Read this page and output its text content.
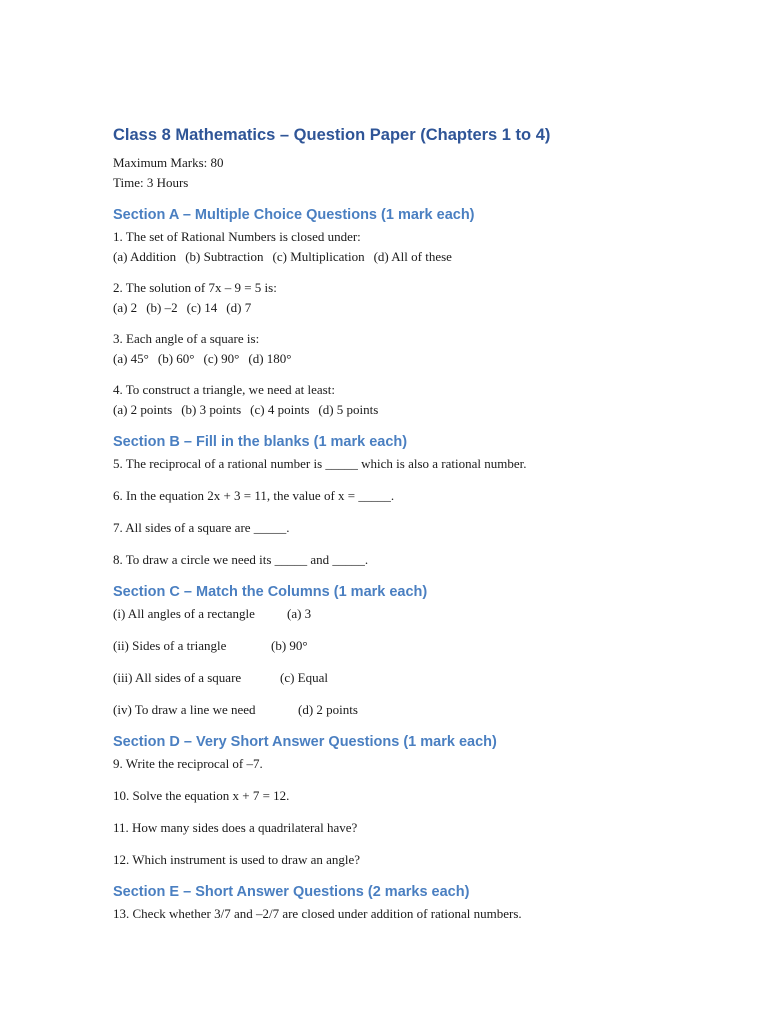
Class 8 Mathematics – Question Paper (Chapters 1 to 4)

Maximum Marks: 80

Time: 3 Hours

Section A – Multiple Choice Questions (1 mark each)

1. The set of Rational Numbers is closed under:

(a) Addition (b) Subtraction (c) Multiplication (d) All of these

2. The solution of 7x – 9 = 5 is:

(a) 2 (b) –2 (c) 14 (d) 7

3. Each angle of a square is:

(a) 45° (b) 60° (c) 90° (d) 180°

4. To construct a triangle, we need at least:

(a) 2 points (b) 3 points (c) 4 points (d) 5 points

Section B – Fill in the blanks (1 mark each)

5. The reciprocal of a rational number is _____ which is also a rational number.

6. In the equation 2x + 3 = 11, the value of x = _____.

7. All sides of a square are _____.

8. To draw a circle we need its _____ and _____.

Section C – Match the Columns (1 mark each)

(i) All angles of a rectangle (a) 3

(ii) Sides of a triangle	(b) 90°

(iii) All sides of a square	(c) Equal

(iv) To draw a line we need	(d) 2 points

Section D – Very Short Answer Questions (1 mark each)

9. Write the reciprocal of –7.

10. Solve the equation x + 7 = 12.

11. How many sides does a quadrilateral have?

12. Which instrument is used to draw an angle?

Section E – Short Answer Questions (2 marks each)

13. Check whether 3/7 and –2/7 are closed under addition of rational numbers.
